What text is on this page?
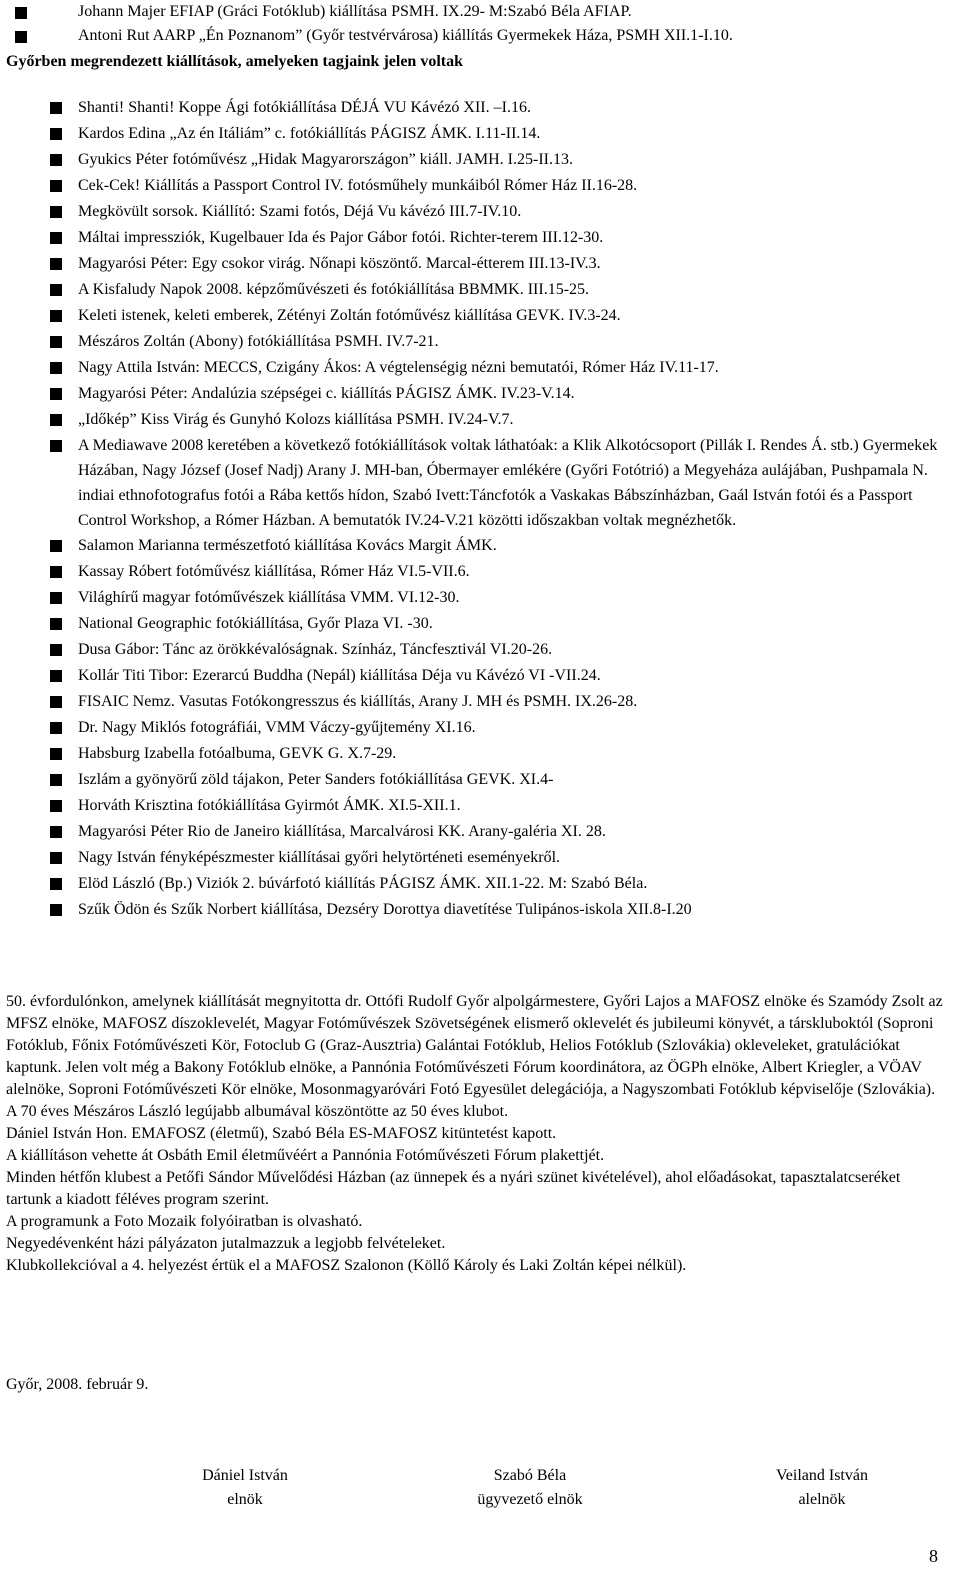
Johann Majer EFIAP (Gráci Fotóklub) kiállítása PSMH. IX.29- M:Szabó Béla AFIAP.
Antoni Rut AARP „Én Poznanom” (Győr testvérvárosa) kiállítás Gyermekek Háza, PSMH XII.1-I.10.
Győrben megrendezett kiállítások, amelyeken tagjaink jelen voltak
Shanti! Shanti! Koppe Ági fotókiállítása DÉJÁ VU Kávézó XII. –I.16.
Kardos Edina „Az én Itáliám” c. fotókiállítás PÁGISZ ÁMK. I.11-II.14.
Gyukics Péter fotóművész „Hidak Magyarországon” kiáll. JAMH. I.25-II.13.
Cek-Cek! Kiállítás a Passport Control IV. fotósműhely munkáiból Rómer Ház II.16-28.
Megkövült sorsok. Kiállító: Szami fotós, Déjá Vu kávézó III.7-IV.10.
Máltai impressziók, Kugelbauer Ida és Pajor Gábor fotói. Richter-terem III.12-30.
Magyarósi Péter: Egy csokor virág. Nőnapi köszöntő. Marcal-étterem III.13-IV.3.
A Kisfaludy Napok 2008. képzőművészeti és fotókiállítása BBMMK. III.15-25.
Keleti istenek, keleti emberek, Zétényi Zoltán fotóművész kiállítása GEVK. IV.3-24.
Mészáros Zoltán (Abony) fotókiállítása PSMH. IV.7-21.
Nagy Attila István: MECCS, Czigány Ákos: A végtelenségig nézni bemutatói, Rómer Ház IV.11-17.
Magyarósi Péter: Andalúzia szépségei c. kiállítás PÁGISZ ÁMK. IV.23-V.14.
„Időkép” Kiss Virág és Gunyhó Kolozs kiállítása PSMH. IV.24-V.7.
A Mediawave 2008 keretében a következő fotókiállítások voltak láthatóak: a Klik Alkotócsoport (Pillák I. Rendes Á. stb.) Gyermekek Házában, Nagy József (Josef Nadj) Arany J. MH-ban, Óbermayer emlékére (Győri Fotótrió) a Megyeháza aulájában, Pushpamala N. indiai ethnofotografus fotói a Rába kettős hídon, Szabó Ivett:Táncfotók a Vaskakas Bábszínházban, Gaál István fotói és a Passport Control Workshop, a Rómer Házban. A bemutatók IV.24-V.21 közötti időszakban voltak megnézhetők.
Salamon Marianna természetfotó kiállítása Kovács Margit ÁMK.
Kassay Róbert fotóművész kiállítása, Rómer Ház VI.5-VII.6.
Világhírű magyar fotóművészek kiállítása VMM. VI.12-30.
National Geographic fotókiállítása, Győr Plaza VI. -30.
Dusa Gábor: Tánc az örökkévalóságnak. Színház, Táncfesztivál VI.20-26.
Kollár Titi Tibor: Ezerarcú Buddha (Nepál) kiállítása Déja vu Kávézó VI -VII.24.
FISAIC Nemz. Vasutas Fotókongresszus és kiállítás, Arany J. MH és PSMH. IX.26-28.
Dr. Nagy Miklós fotográfiái, VMM Váczy-gyűjtemény XI.16.
Habsburg Izabella fotóalbuma, GEVK G. X.7-29.
Iszlám a gyönyörű zöld tájakon, Peter Sanders fotókiállítása GEVK. XI.4-
Horváth Krisztina fotókiállítása Gyirmót ÁMK. XI.5-XII.1.
Magyarósi Péter Rio de Janeiro kiállítása, Marcalvárosi KK. Arany-galéria XI. 28.
Nagy István fényképészmester kiállításai győri helytörténeti eseményekről.
Elöd László (Bp.) Viziók 2. búvárfotó kiállítás PÁGISZ ÁMK. XII.1-22. M: Szabó Béla.
Szűk Ödön és Szűk Norbert kiállítása, Dezséry Dorottya diavetítése Tulipános-iskola XII.8-I.20

50. évfordulónkon, amelynek kiállítását megnyitotta dr. Ottófi Rudolf Győr alpolgármestere, Győri Lajos a MAFOSZ elnöke és Szamódy Zsolt az MFSZ elnöke, MAFOSZ díszoklevelét, Magyar Fotóművészek Szövetségének elismerő oklevelét és jubileumi könyvét, a társkluboktól (Soproni Fotóklub, Főnix Fotóművészeti Kör, Fotoclub G (Graz-Ausztria) Galántai Fotóklub, Helios Fotóklub (Szlovákia) okleveleket, gratulációkat kaptunk. Jelen volt még a Bakony Fotóklub elnöke, a Pannónia Fotóművészeti Fórum koordinátora, az ÖGPh elnöke, Albert Kriegler, a VÖAV alelnöke, Soproni Fotóművészeti Kör elnöke, Mosonmagyaróvári Fotó Egyesület delegációja, a Nagyszombati Fotóklub képviselője (Szlovákia). A 70 éves Mészáros László legújabb albumával köszöntötte az 50 éves klubot.

Dániel István Hon. EMAFOSZ (életmű), Szabó Béla ES-MAFOSZ kitüntetést kapott.

A kiállításon vehette át Osbáth Emil életművéért a Pannónia Fotóművészeti Fórum plakettjét.

Minden hétfőn klubest a Petőfi Sándor Művelődési Házban (az ünnepek és a nyári szünet kivételével), ahol előadásokat, tapasztalatcseréket tartunk a kiadott féléves program szerint.

A programunk a Foto Mozaik folyóiratban is olvasható.

Negyedévenként házi pályázaton jutalmazzuk a legjobb felvételeket.

Klubkollekcióval a 4. helyezést értük el a MAFOSZ Szalonon (Köllő Károly és Laki Zoltán képei nélkül).

Győr, 2008. február 9.
Dániel István
elnök
Szabó Béla
ügyvezető elnök
Veiland István
alelnök
8
